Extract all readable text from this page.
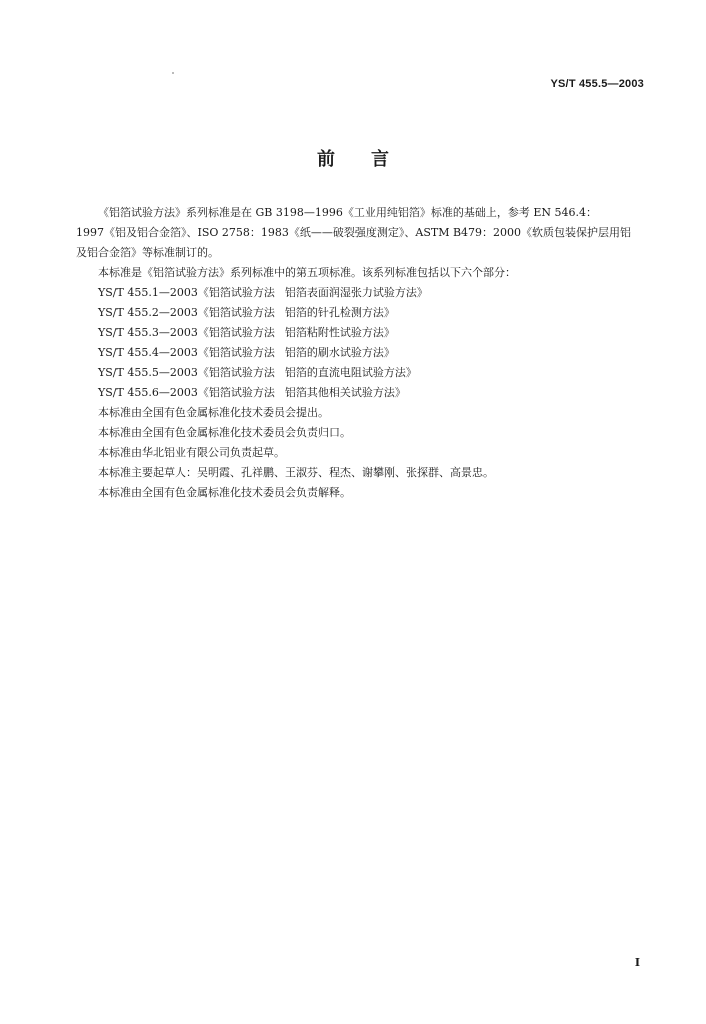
YS/T 455.5—2003
前言

《铝箔试验方法》系列标准是在 GB 3198—1996《工业用纯铝箔》标准的基础上，参考 EN 546.4：
1997《铝及铝合金箔》、ISO 2758：1983《纸——破裂强度测定》、ASTM B479：2000《软质包装保护层用铝
及铝合金箔》等标准制订的。

本标准是《铝箔试验方法》系列标准中的第五项标准。该系列标准包括以下六个部分：

YS/T 455.1—2003《铝箔试验方法 铝箔表面润湿张力试验方法》
YS/T 455.2—2003《铝箔试验方法 铝箔的针孔检测方法》
YS/T 455.3—2003《铝箔试验方法 铝箔粘附性试验方法》
YS/T 455.4—2003《铝箔试验方法 铝箔的刷水试验方法》
YS/T 455.5—2003《铝箔试验方法 铝箔的直流电阻试验方法》
YS/T 455.6—2003《铝箔试验方法 铝箔其他相关试验方法》
本标准由全国有色金属标准化技术委员会提出。
本标准由全国有色金属标准化技术委员会负责归口。
本标准由华北铝业有限公司负责起草。
本标准主要起草人：吴明霞、孔祥鹏、王淑芬、程杰、谢攀刚、张探群、高景忠。
本标准由全国有色金属标准化技术委员会负责解释。
I
